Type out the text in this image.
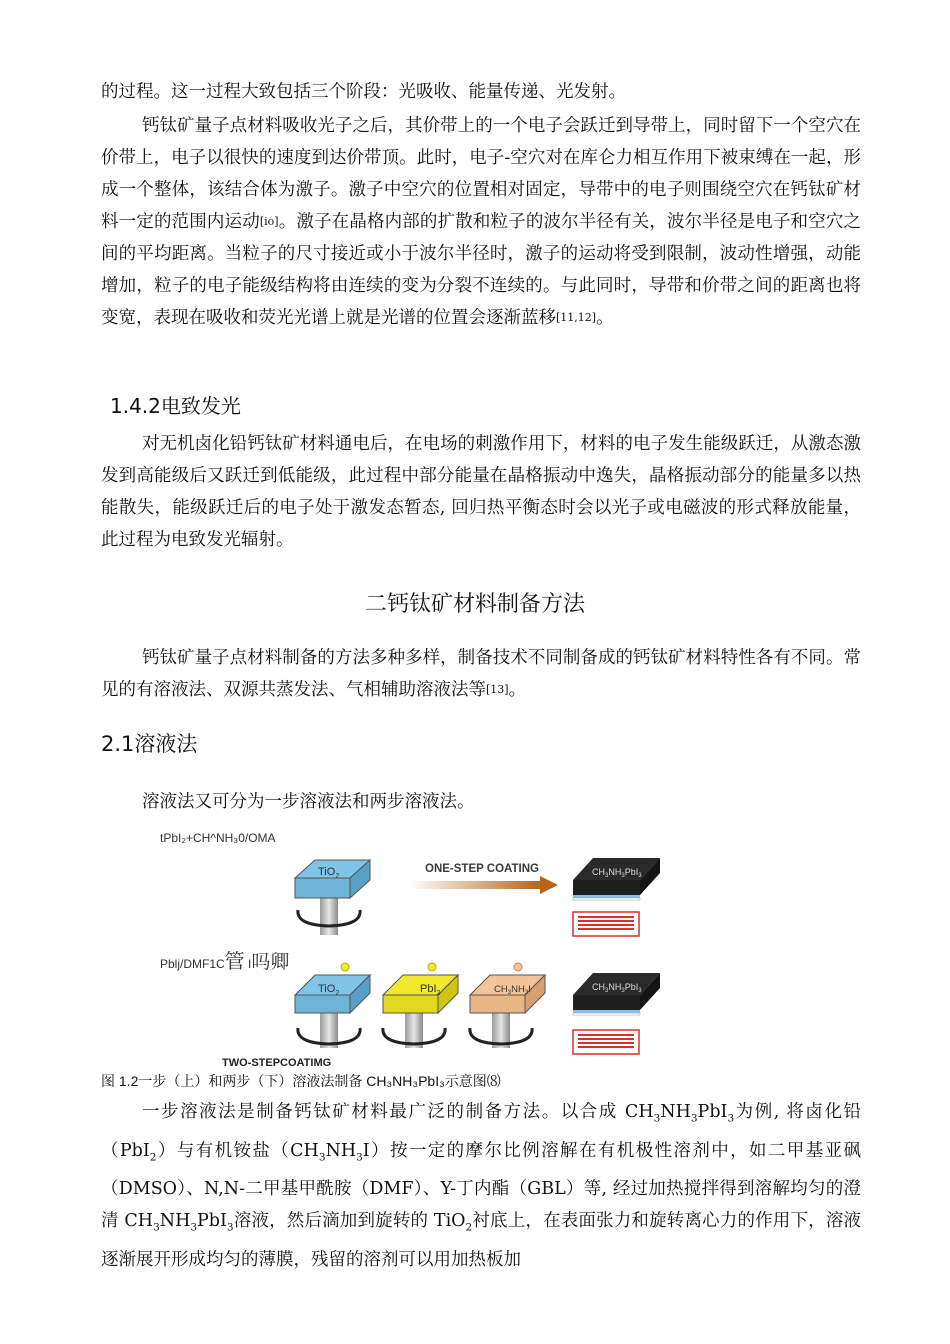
的过程。这一过程大致包括三个阶段：光吸收、能量传递、光发射。
钙钛矿量子点材料吸收光子之后，其价带上的一个电子会跃迁到导带上，同时留下一个空穴在价带上，电子以很快的速度到达价带顶。此时，电子-空穴对在库仑力相互作用下被束缚在一起，形成一个整体，该结合体为激子。激子中空穴的位置相对固定，导带中的电子则围绕空穴在钙钛矿材料一定的范围内运动[io]。激子在晶格内部的扩散和粒子的波尔半径有关，波尔半径是电子和空穴之间的平均距离。当粒子的尺寸接近或小于波尔半径时，激子的运动将受到限制，波动性增强，动能增加，粒子的电子能级结构将由连续的变为分裂不连续的。与此同时，导带和价带之间的距离也将变宽，表现在吸收和荧光光谱上就是光谱的位置会逐渐蓝移[11,12]。
1.4.2电致发光
对无机卤化铅钙钛矿材料通电后，在电场的刺激作用下，材料的电子发生能级跃迁，从激态激发到高能级后又跃迁到低能级，此过程中部分能量在晶格振动中逸失，晶格振动部分的能量多以热能散失，能级跃迁后的电子处于激发态暂态, 回归热平衡态时会以光子或电磁波的形式释放能量，此过程为电致发光辐射。
二钙钛矿材料制备方法
钙钛矿量子点材料制备的方法多种多样，制备技术不同制备成的钙钛矿材料特性各有不同。常见的有溶液法、双源共蒸发法、气相辅助溶液法等[13]。
2.1溶液法
溶液法又可分为一步溶液法和两步溶液法。
tPbI₂+CH^NH₃0/OMA
Pblj/DMF1C管 I吗卿
TWO-STEPCOATIMG
TiO$_2$
ONE-STEP COATING	$CH_3NH_3PbI_3$
TiO$_2$	PbI$_2$	$CH_3NH_3I$	$CH_3NH_3PbI_3$
图 1.2一步（上）和两步（下）溶液法制备 CH₃NH₃PbI₃示意图⑻
一步溶液法是制备钙钛矿材料最广泛的制备方法。以合成 $CH_3NH_3PbI_3$为例, 将卤化铅（PbI$_2$）与有机铵盐$(CH_3NH_3I)$按一定的摩尔比例溶解在有机极性溶剂中，如二甲基亚砜（DMSO）、N,N-二甲基甲酰胺（DMF）、Y-丁内酯（GBL）等, 经过加热搅拌得到溶解均匀的澄清 $CH_3NH_3PbI_3$溶液，然后滴加到旋转的 TiO$_2$衬底上，在表面张力和旋转离心力的作用下，溶液逐渐展开形成均匀的薄膜，残留的溶剂可以用加热板加
